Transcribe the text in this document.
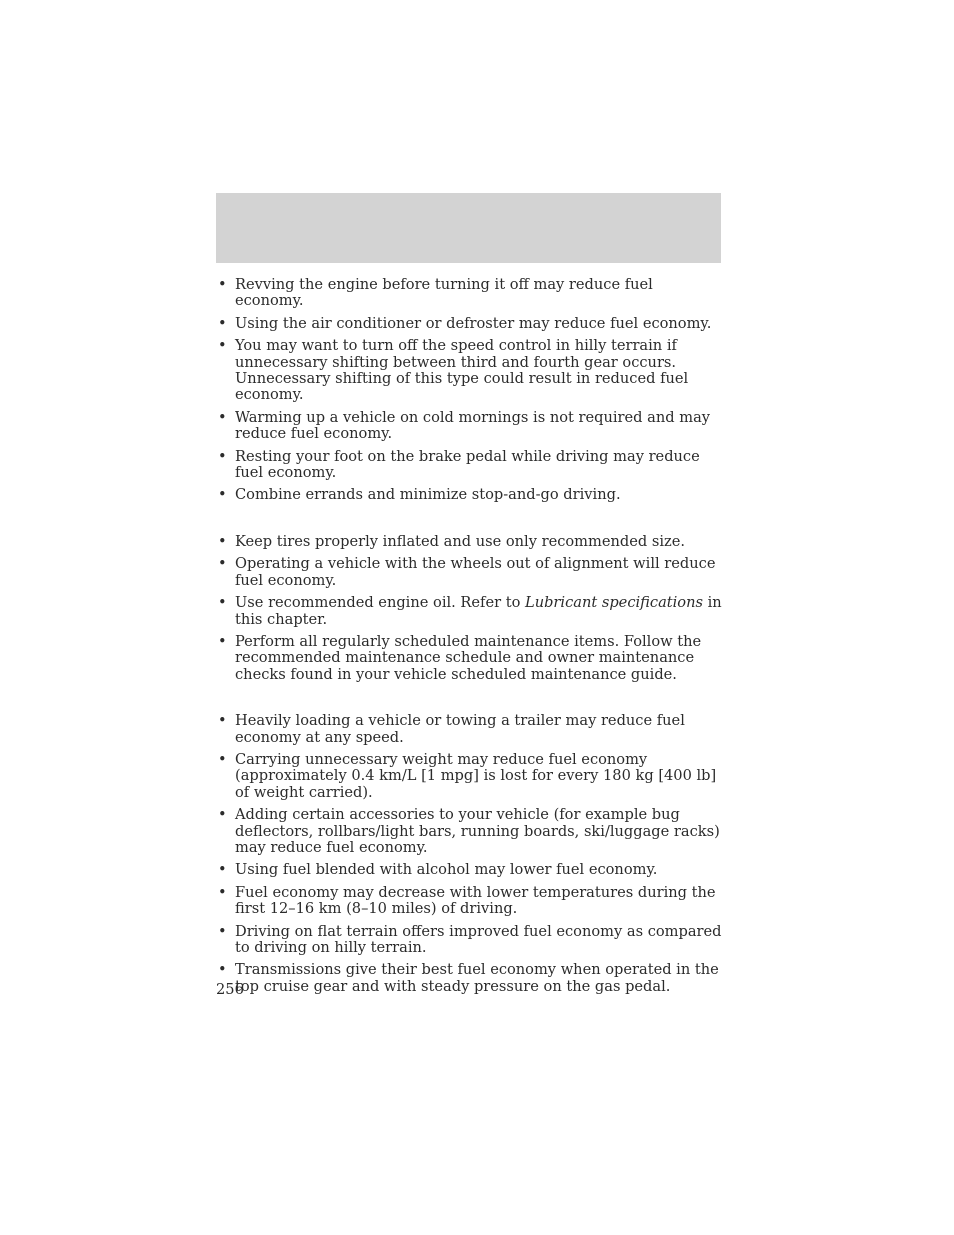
• Revving the engine before turning it off may reduce fuel economy.
• Using the air conditioner or defroster may reduce fuel economy.
• You may want to turn off the speed control in hilly terrain if unnecessary shifting between third and fourth gear occurs. Unnecessary shifting of this type could result in reduced fuel economy.
• Warming up a vehicle on cold mornings is not required and may reduce fuel economy.
• Resting your foot on the brake pedal while driving may reduce fuel economy.
• Combine errands and minimize stop-and-go driving.
• Keep tires properly inflated and use only recommended size.
• Operating a vehicle with the wheels out of alignment will reduce fuel economy.
• Use recommended engine oil. Refer to Lubricant specifications in this chapter.
• Perform all regularly scheduled maintenance items. Follow the recommended maintenance schedule and owner maintenance checks found in your vehicle scheduled maintenance guide.
• Heavily loading a vehicle or towing a trailer may reduce fuel economy at any speed.
• Carrying unnecessary weight may reduce fuel economy (approximately 0.4 km/L [1 mpg] is lost for every 180 kg [400 lb] of weight carried).
• Adding certain accessories to your vehicle (for example bug deflectors, rollbars/light bars, running boards, ski/luggage racks) may reduce fuel economy.
• Using fuel blended with alcohol may lower fuel economy.
• Fuel economy may decrease with lower temperatures during the first 12–16 km (8–10 miles) of driving.
• Driving on flat terrain offers improved fuel economy as compared to driving on hilly terrain.
• Transmissions give their best fuel economy when operated in the top cruise gear and with steady pressure on the gas pedal.
256
